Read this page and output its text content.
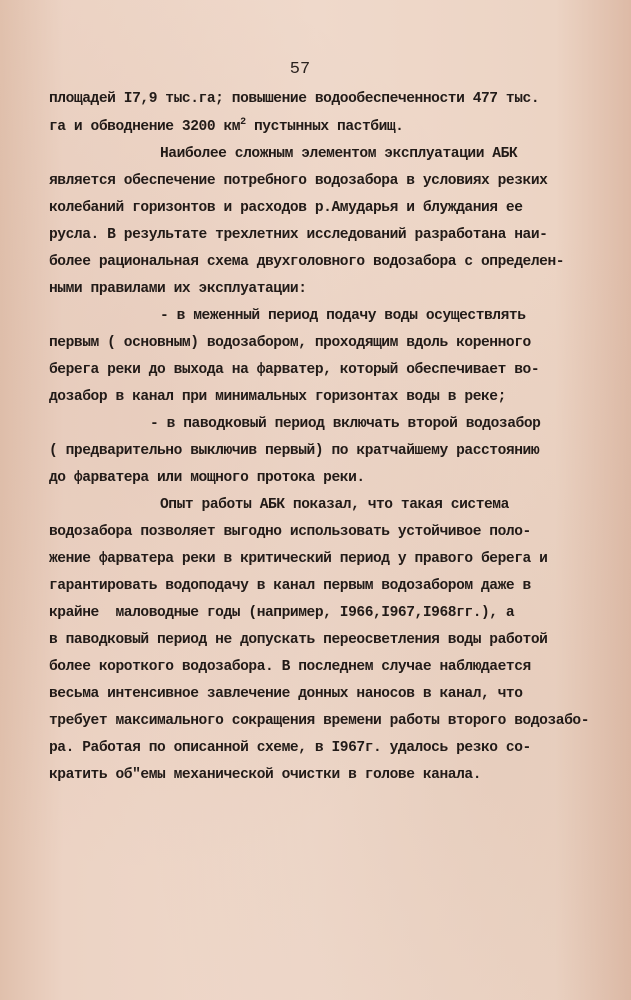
57
площадей I7,9 тыс.га; повышение водообеспеченности 477 тыс.
га и обводнение 3200 $км^2$ пустынных пастбищ.
Наиболее сложным элементом эксплуатации АБК
является обеспечение потребного водозабора в условиях резких
колебаний горизонтов и расходов р.Амударья и блуждания ее
русла. В результате трехлетних исследований разработана наи-
более рациональная схема двухголовного водозабора с определен-
ными правилами их эксплуатации:
- в меженный период подачу воды осуществлять
первым ( основным) водозабором, проходящим вдоль коренного
берега реки до выхода на фарватер, который обеспечивает во-
дозабор в канал при минимальных горизонтах воды в реке;
- в паводковый период включать второй водозабор
( предварительно выключив первый) по кратчайшему расстоянию
до фарватера или мощного протока реки.
Опыт работы АБК показал, что такая система
водозабора позволяет выгодно использовать устойчивое поло-
жение фарватера реки в критический период у правого берега и
гарантировать водоподачу в канал первым водозабором даже в
крайне  маловодные годы (например, I966,I967,I968гг.), а
в паводковый период не допускать переосветления воды работой
более короткого водозабора. В последнем случае наблюдается
весьма интенсивное завлечение донных наносов в канал, что
требует максимального сокращения времени работы второго водозабо-
ра. Работая по описанной схеме, в I967г. удалось резко со-
кратить об"емы механической очистки в голове канала.
